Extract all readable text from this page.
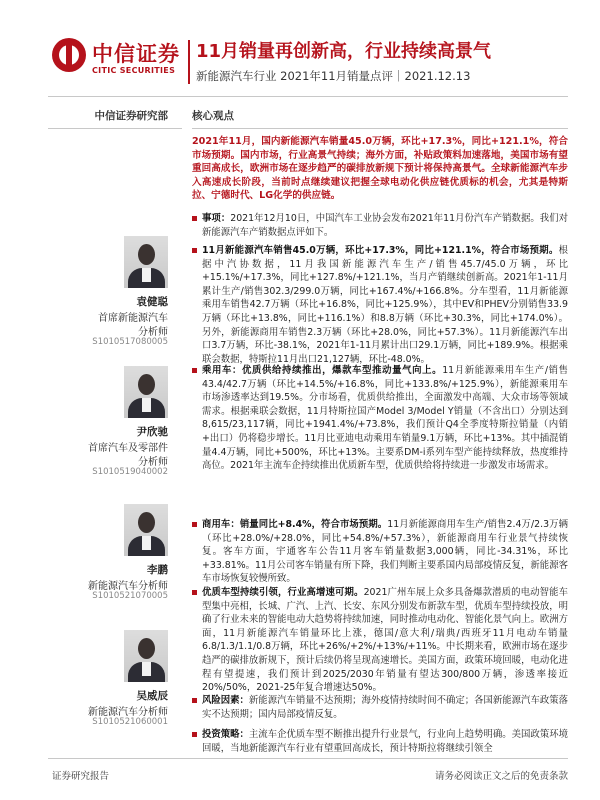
中信证券
CITIC SECURITIES
11月销量再创新高，行业持续高景气
新能源汽车行业 2021年11月销量点评｜2021.12.13
中信证券研究部
袁健聪
首席新能源汽车
分析师
S1010517080005
尹欣驰
首席汽车及零部件
分析师
S1010519040002
李鹏
新能源汽车分析师
S1010521070005
吴威辰
新能源汽车分析师
S1010521060001
核心观点
2021年11月，国内新能源汽车销量45.0万辆，环比+17.3%，同比+121.1%，符合市场预期。国内市场，行业高景气持续；海外方面，补贴政策料加速落地，美国市场有望重回高成长，欧洲市场在逐步趋严的碳排放新规下预计将保持高景气。全球新能源汽车步入高速成长阶段，当前时点继续建议把握全球电动化供应链优质标的机会，尤其是特斯拉、宁德时代、LG化学的供应链。
事项：2021年12月10日，中国汽车工业协会发布2021年11月份汽车产销数据。我们对新能源汽车产销数据点评如下。
11月新能源汽车销售45.0万辆，环比+17.3%，同比+121.1%，符合市场预期。根据中汽协数据，11月我国新能源汽车生产/销售45.7/45.0万辆，环比+15.1%/+17.3%，同比+127.8%/+121.1%，当月产销继续创新高。2021年1-11月累计生产/销售302.3/299.0万辆，同比+167.4%/+166.8%。分车型看，11月新能源乘用车销售42.7万辆（环比+16.8%，同比+125.9%），其中EV和PHEV分别销售33.9万辆（环比+13.8%，同比+116.1%）和8.8万辆（环比+30.3%，同比+174.0%）。另外，新能源商用车销售2.3万辆（环比+28.0%，同比+57.3%）。11月新能源汽车出口3.7万辆，环比-38.1%，2021年1-11月累计出口29.1万辆，同比+189.9%。根据乘联会数据，特斯拉11月出口21,127辆，环比-48.0%。
乘用车：优质供给持续推出，爆款车型推动量气向上。11月新能源乘用车生产/销售43.4/42.7万辆（环比+14.5%/+16.8%，同比+133.8%/+125.9%），新能源乘用车市场渗透率达到19.5%。分市场看，优质供给推出，全面激发中高端、大众市场等领域需求。根据乘联会数据，11月特斯拉国产Model 3/Model Y销量（不含出口）分别达到8,615/23,117辆，同比+1941.4%/+73.8%，我们预计Q4全季度特斯拉销量（内销+出口）仍将稳步增长。11月比亚迪电动乘用车销量9.1万辆，环比+13%。其中插混销量4.4万辆，同比+500%，环比+13%。主要系DM-i系列车型产能持续释放，热度维持高位。2021年主流车企持续推出优质新车型，优质供给将持续进一步激发市场需求。
商用车：销量同比+8.4%，符合市场预期。11月新能源商用车生产/销售2.4万/2.3万辆（环比+28.0%/+28.0%，同比+54.8%/+57.3%），新能源商用车行业景气持续恢复。客车方面，宇通客车公告11月客车销量数据3,000辆，同比-34.31%，环比+33.81%。11月公司客车销量有所下降，我们判断主要系国内局部疫情反复，新能源客车市场恢复较慢所致。
优质车型持续引领，行业高增速可期。2021广州车展上众多具备爆款潜质的电动智能车型集中亮相，长城、广汽、上汽、长安、东风分别发布新款车型，优质车型持续投放，明确了行业未来的智能电动大趋势将持续加速，同时推动电动化、智能化景气向上。欧洲方面，11月新能源汽车销量环比上涨，德国/意大利/瑞典/西班牙11月电动车销量6.8/1.3/1.1/0.8万辆，环比+26%/+2%/+13%/+11%。中长期来看，欧洲市场在逐步趋严的碳排放新规下，预计后续仍将呈现高速增长。美国方面，政策环境回暖，电动化进程有望提速，我们预计到2025/2030年销量有望达300/800万辆，渗透率接近20%/50%，2021-25年复合增速达50%。
风险因素：新能源汽车销量不达预期；海外疫情持续时间不确定；各国新能源汽车政策落实不达预期；国内局部疫情反复。
投资策略：主流车企优质车型不断推出提升行业景气，行业向上趋势明确。美国政策环境回暖，当地新能源汽车行业有望重回高成长，预计特斯拉将继续引领全
证券研究报告	请务必阅读正文之后的免责条款
